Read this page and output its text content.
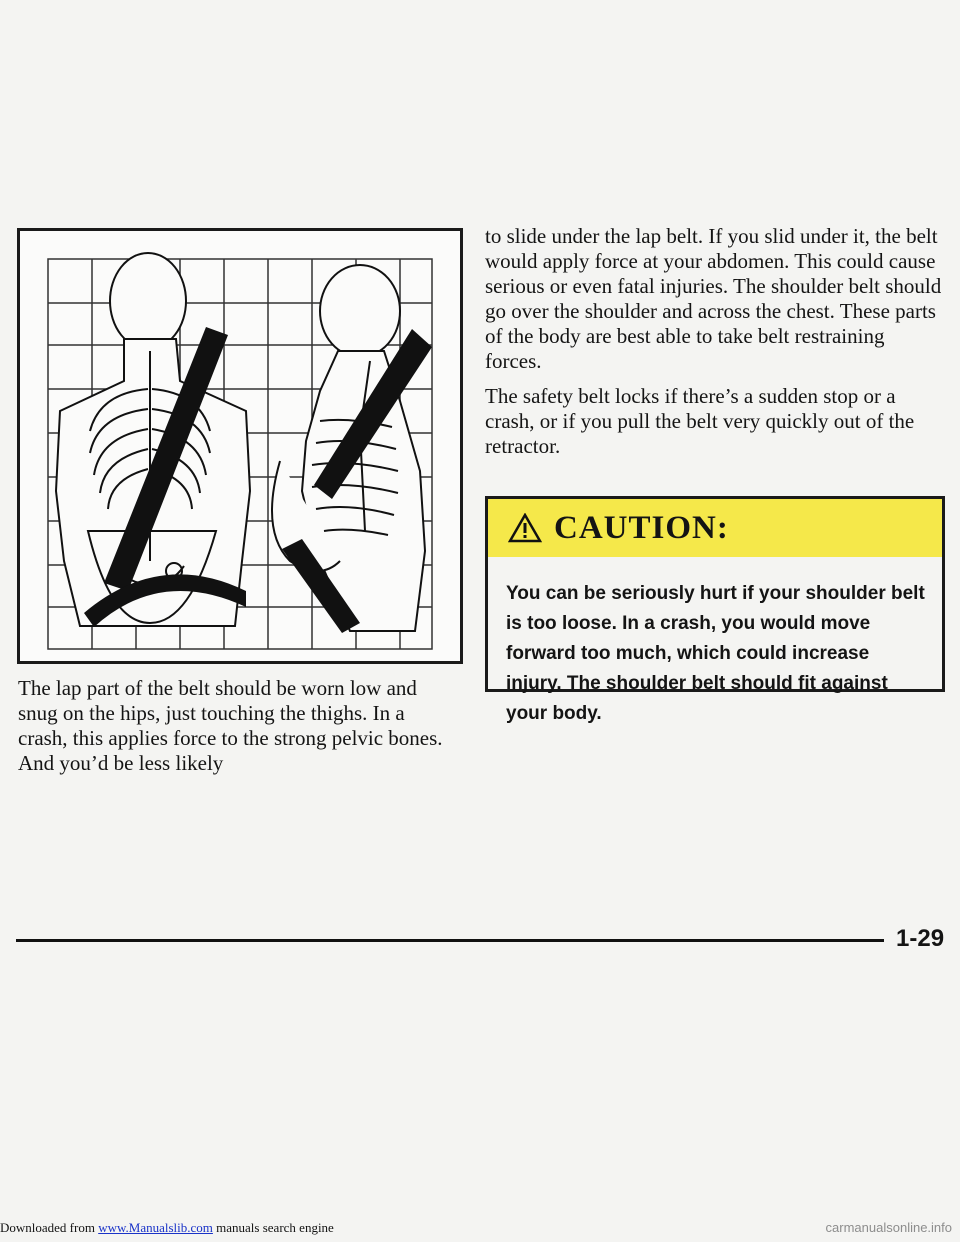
The lap part of the belt should be worn low and snug on the hips, just touching the thighs. In a crash, this applies force to the strong pelvic bones. And you’d be less likely

to slide under the lap belt. If you slid under it, the belt would apply force at your abdomen. This could cause serious or even fatal injuries. The shoulder belt should go over the shoulder and across the chest. These parts of the body are best able to take belt restraining forces.

The safety belt locks if there’s a sudden stop or a crash, or if you pull the belt very quickly out of the retractor.

CAUTION:
You can be seriously hurt if your shoulder belt is too loose. In a crash, you would move forward too much, which could increase injury. The shoulder belt should fit against your body.
1-29
Downloaded from www.Manualslib.com manuals search engine	carmanualsonline.info
